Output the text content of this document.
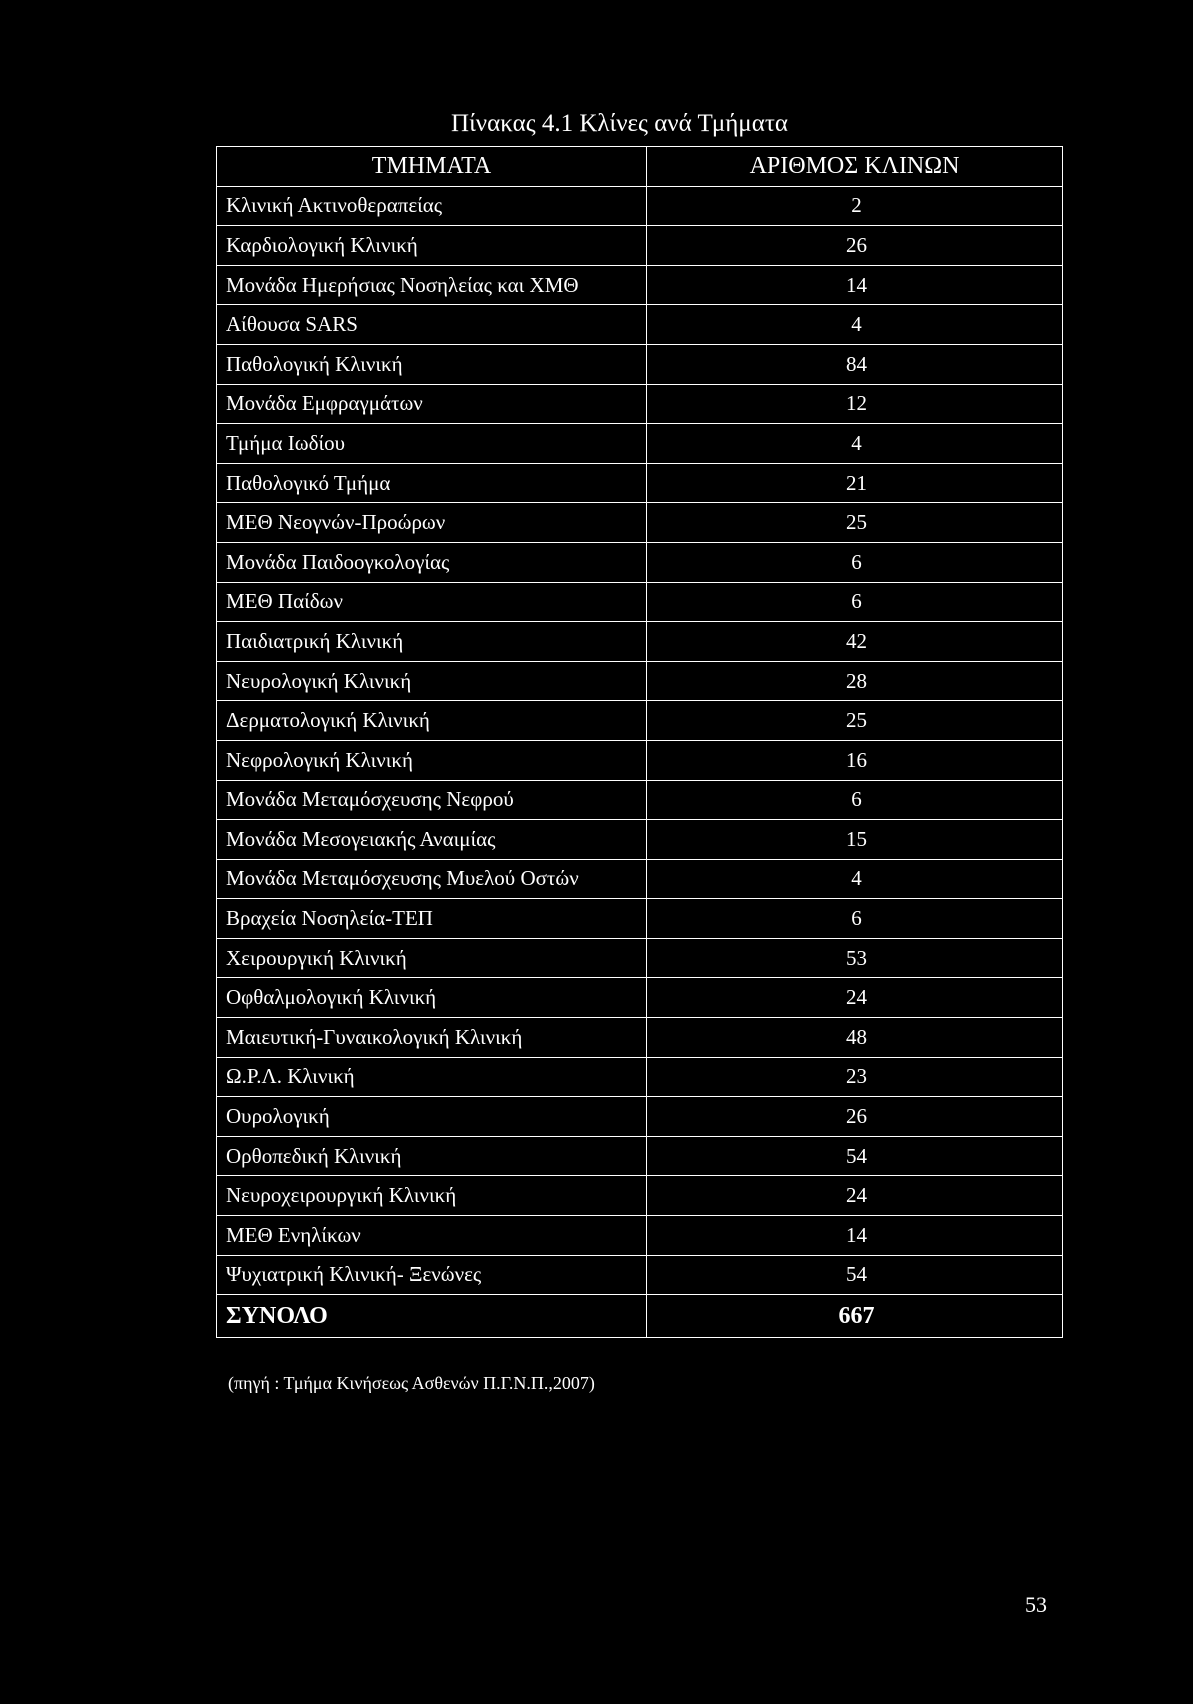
Πίνακας 4.1 Κλίνες ανά Τμήματα
ΤΜΗΜΑΤΑ	ΑΡΙΘΜΟΣ ΚΛΙΝΩΝ
Κλινική Ακτινοθεραπείας	2
Καρδιολογική Κλινική	26
Μονάδα Ημερήσιας Νοσηλείας και ΧΜΘ	14
Αίθουσα SARS	4
Παθολογική Κλινική	84
Μονάδα Εμφραγμάτων	12
Τμήμα Ιωδίου	4
Παθολογικό Τμήμα	21
ΜΕΘ Νεογνών-Προώρων	25
Μονάδα Παιδοογκολογίας	6
ΜΕΘ Παίδων	6
Παιδιατρική Κλινική	42
Νευρολογική Κλινική	28
Δερματολογική Κλινική	25
Νεφρολογική Κλινική	16
Μονάδα Μεταμόσχευσης Νεφρού	6
Μονάδα Μεσογειακής Αναιμίας	15
Μονάδα Μεταμόσχευσης Μυελού Οστών	4
Βραχεία Νοσηλεία-ΤΕΠ	6
Χειρουργική Κλινική	53
Οφθαλμολογική Κλινική	24
Μαιευτική-Γυναικολογική Κλινική	48
Ω.Ρ.Λ. Κλινική	23
Ουρολογική	26
Ορθοπεδική Κλινική	54
Νευροχειρουργική Κλινική	24
ΜΕΘ Ενηλίκων	14
Ψυχιατρική Κλινική- Ξενώνες	54
ΣΥΝΟΛΟ	667
(πηγή : Τμήμα Κινήσεως Ασθενών Π.Γ.Ν.Π.,2007)
53
